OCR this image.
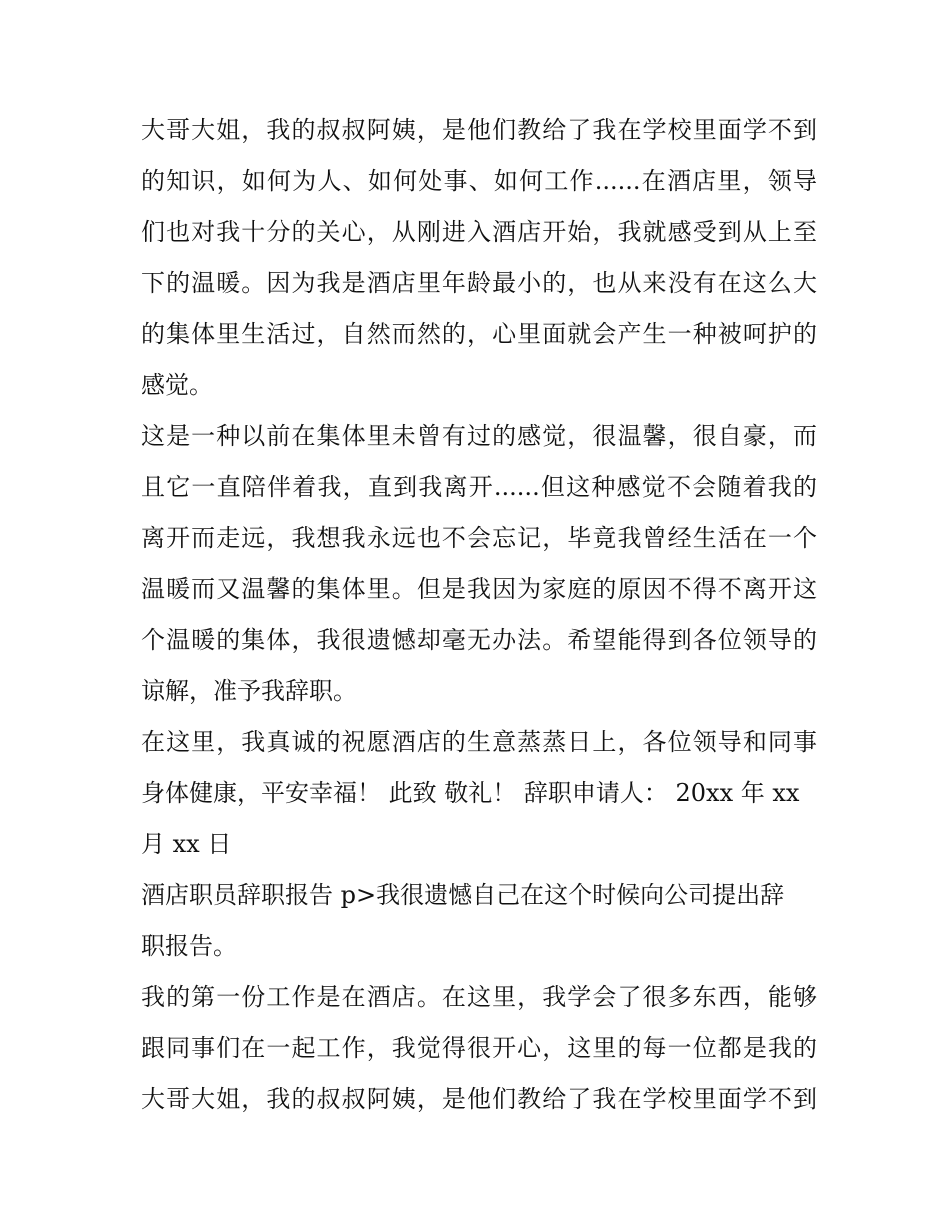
大哥大姐，我的叔叔阿姨，是他们教给了我在学校里面学不到
的知识，如何为人、如何处事、如何工作......在酒店里，领导
们也对我十分的关心，从刚进入酒店开始，我就感受到从上至
下的温暖。因为我是酒店里年龄最小的，也从来没有在这么大
的集体里生活过，自然而然的，心里面就会产生一种被呵护的
感觉。
这是一种以前在集体里未曾有过的感觉，很温馨，很自豪，而
且它一直陪伴着我，直到我离开......但这种感觉不会随着我的
离开而走远，我想我永远也不会忘记，毕竟我曾经生活在一个
温暖而又温馨的集体里。但是我因为家庭的原因不得不离开这
个温暖的集体，我很遗憾却毫无办法。希望能得到各位领导的
谅解，准予我辞职。
在这里，我真诚的祝愿酒店的生意蒸蒸日上，各位领导和同事
身体健康，平安幸福！ 此致 敬礼！ 辞职申请人： 20xx 年 xx
月 xx 日
酒店职员辞职报告 p>我很遗憾自己在这个时候向公司提出辞
职报告。
我的第一份工作是在酒店。在这里，我学会了很多东西，能够
跟同事们在一起工作，我觉得很开心，这里的每一位都是我的
大哥大姐，我的叔叔阿姨，是他们教给了我在学校里面学不到
